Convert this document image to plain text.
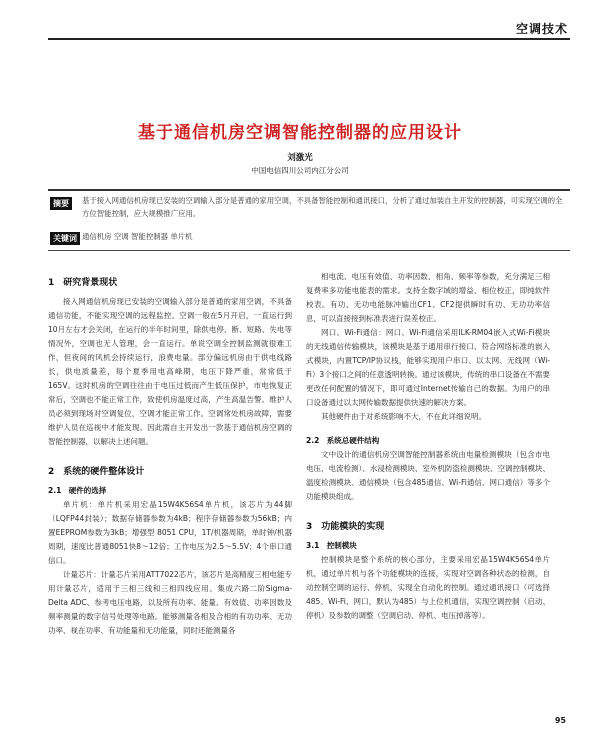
空调技术
基于通信机房空调智能控制器的应用设计
刘激光
中国电信四川公司内江分公司
摘要	基于接入网通信机房现已安装的空调输入部分是普通的家用空调，不具备智能控制和通讯接口，分析了通过加装自主开发的控制器，可实现空调的全方位智能控制，应大规模推广应用。
关键词 通信机房 空调 智能控制器 单片机
1　研究背景现状

接入网通信机房现已安装的空调输入部分是普通的家用空调，不具备通信功能，不能实现空调的远程监控。空调一般在5月开启，一直运行到10月左右才会关闭，在运行的半年时间里，除供电停、断、短路、失电等情况外，空调也无人管理，会一直运行。单说空调全控制监测就很难工作，但夜间的风机会持续运行，浪费电量。部分偏远机房由于供电线路长，供电质量差，每个夏季用电高峰期，电压下降严重，常常低于165V。这时机房的空调往往由于电压过低而产生低压保护，市电恢复正常后，空调也不能正常工作，致使机房温度过高，产生高温告警。维护人员必须到现场对空调复位，空调才能正常工作。空调常处机房故障，需要维护人员在巡视中才能发现。因此需自主开发出一款基于通信机房空调的智能控制器，以解决上述问题。

2　系统的硬件整体设计
2.1　硬件的选择

单片机：单片机采用宏晶15W4K56S4单片机，该芯片为44脚（LQFP44封装）；数据存储器参数为4kB；程序存储器参数为56kB；内置EEPROM参数为3kB；增强型 8051 CPU，1T/机器周期，单时钟/机器周期，速度比普通8051快8～12倍；工作电压为2.5～5.5V；4个串口通信口。

计量芯片：计量芯片采用ATT7022芯片，该芯片是高精度三相电能专用计量芯片，适用于三相三线和三相四线应用。集成六路二阶Sigma-Delta ADC、参考电压电路，以及所有功率、能量、有效值、功率因数及频率测量的数字信号处理等电路。能够测量各相及合相的有功功率、无功功率、视在功率、有功能量和无功能量，同时还能测量各

相电流、电压有效值、功率因数、相角、频率等参数，充分满足三相复费率多功能电能表的需求。支持全数字域的增益、相位校正，即纯软件校表。有功、无功电能脉冲输出CF1、CF2提供瞬时有功、无功功率信息，可以直接接到标准表进行误差校正。

网口、Wi-Fi通信：网口、Wi-Fi通信采用ILK-RM04嵌入式Wi-Fi模块的无线通信传输模块，该模块是基于通用串行接口、符合网络标准的嵌入式模块，内置TCP/IP协议栈，能够实现用户串口、以太网、无线网（Wi-Fi）3个接口之间的任意透明转换。通过该模块，传统的串口设备在不需要更改任何配置的情况下，即可通过Internet传输自己的数据。为用户的串口设备通过以太网传输数据提供快速的解决方案。

其他硬件由于对系统影响不大，不在此详细说明。

2.2　系统总硬件结构

文中设计的通信机房空调智能控制器系统由电量检测模块（包含市电电压、电流检测）、水浸检测模块、室外机防盗检测模块、空调控制模块、温度检测模块、通信模块（包含485通信、Wi-Fi通信、网口通信）等多个功能模块组成。

3　功能模块的实现
3.1　控制模块

控制模块是整个系统的核心部分，主要采用宏晶15W4K56S4单片机，通过单片机与各个功能模块的连接，实现对空调各种状态的检测，自动控制空调的运行、停机，实现全自动化的控制。通过通讯接口（可选择485、Wi-Fi、网口，默认为485）与上位机通信，实现空调控制（启动、停机）及参数的调整（空调启动、停机、电压掉落等）。

95
